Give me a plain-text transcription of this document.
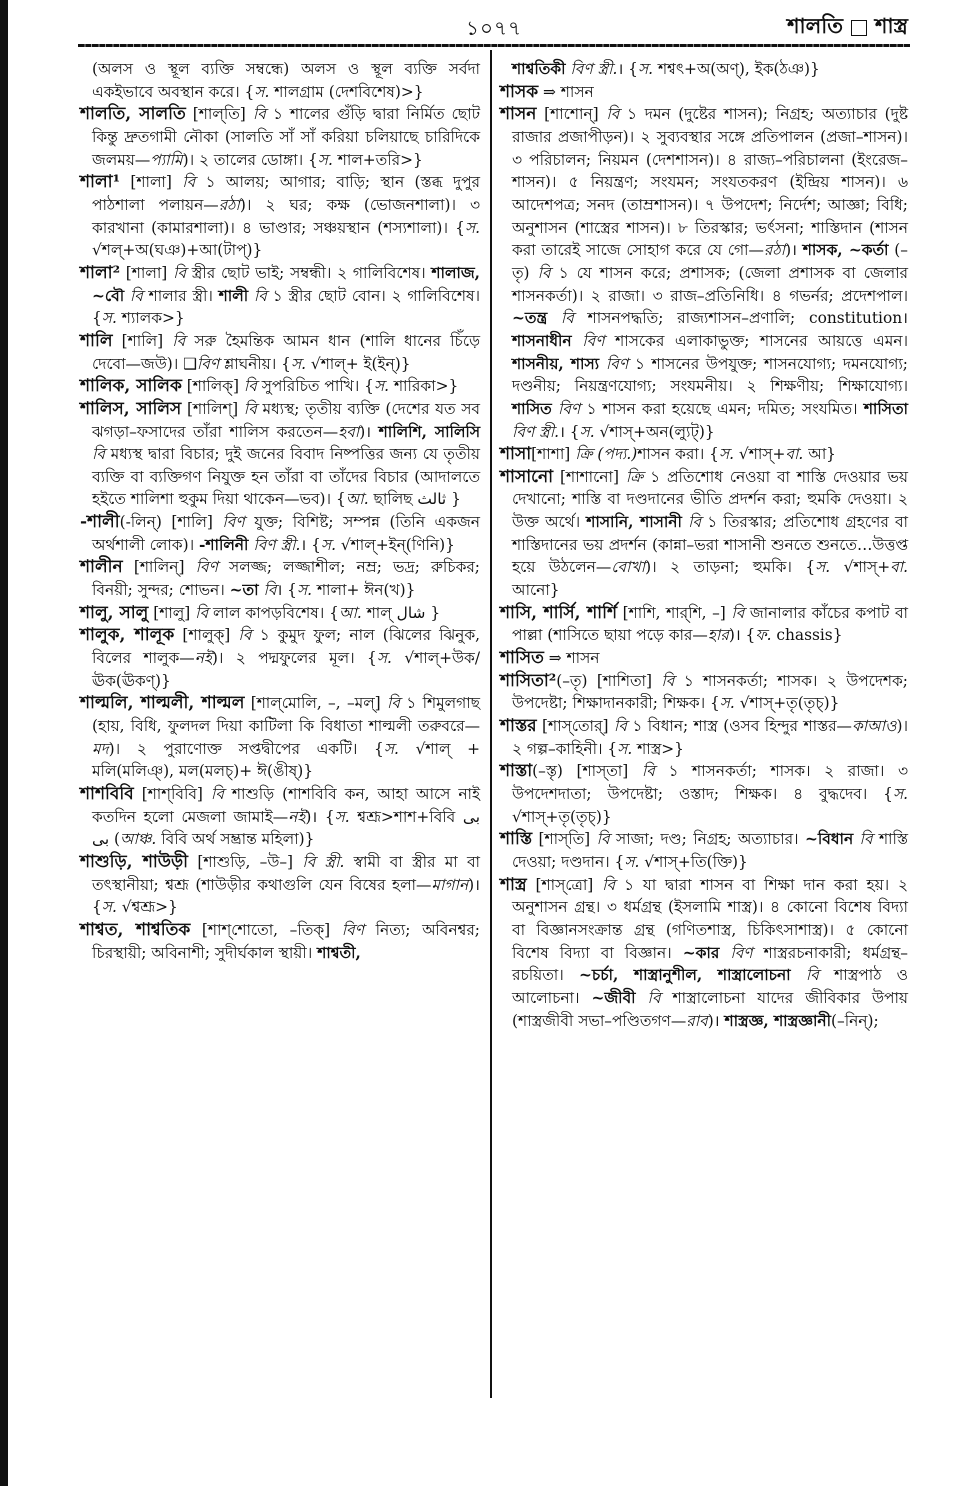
১০৭৭	শালতি শাস্ত্র

(অলস ও স্থূল ব্যক্তি সম্বন্ধে) অলস ও স্থূল ব্যক্তি সর্বদা একইভাবে অবস্থান করে। {স. শালগ্রাম (দেশবিশেষ)>}

শালতি, সালতি [শাল্‌তি] বি ১ শালের গুঁড়ি দ্বারা নির্মিত ছোট কিন্তু দ্রুতগামী নৌকা (সালতি সাঁ সাঁ করিয়া চলিয়াছে চারিদিকে জলময়—প্যামি)। ২ তালের ডোঙ্গা। {স. শাল+তরি>}

শালা¹ [শালা] বি ১ আলয়; আগার; বাড়ি; স্থান (স্তব্ধ দুপুর পাঠশালা পলায়ন—রঠা)। ২ ঘর; কক্ষ (ভোজনশালা)। ৩ কারখানা (কামারশালা)। ৪ ভাণ্ডার; সঞ্চয়স্থান (শস্যশালা)। {স. √শল্‌+অ(ঘঞ)+আ(টাপ্‌)}

শালা² [শালা] বি স্ত্রীর ছোট ভাই; সম্বন্ধী। ২ গালিবিশেষ। শালাজ, ~বৌ বি শালার স্ত্রী। শালী বি ১ স্ত্রীর ছোট বোন। ২ গালিবিশেষ। {স. শ্যালক>}

শালি [শালি] বি সরু হৈমন্তিক আমন ধান (শালি ধানের চিঁড়ে দেবো—জউ)। ❑বিণ শ্লাঘনীয়। {স. √শাল্‌+ ই(ইন্‌)}

শালিক, সালিক [শালিক্‌] বি সুপরিচিত পাখি। {স. শারিকা>}

শালিস, সালিস [শালিশ্‌] বি মধ্যস্থ; তৃতীয় ব্যক্তি (দেশের যত সব ঝগড়া–ফসাদের তাঁরা শালিস করতেন—হবা)। শালিশি, সালিসি বি মধ্যস্থ দ্বারা বিচার; দুই জনের বিবাদ নিষ্পত্তির জন্য যে তৃতীয় ব্যক্তি বা ব্যক্তিগণ নিযুক্ত হন তাঁরা বা তাঁদের বিচার (আদালতে হইতে শালিশা হুকুম দিয়া থাকেন—ভব)। {আ. ছালিছ ثالث }

-শালী(-লিন্‌) [শালি] বিণ যুক্ত; বিশিষ্ট; সম্পন্ন (তিনি একজন অর্থশালী লোক)। -শালিনী বিণ স্ত্রী.। {স. √শাল্‌+ইন্‌(ণিনি)}

শালীন [শালিন্‌] বিণ সলজ্জ; লজ্জাশীল; নম্র; ভদ্র; রুচিকর; বিনয়ী; সুন্দর; শোভন। ~তা বি। {স. শালা+ ঈন(খ)}

শালু, সালু [শালু] বি লাল কাপড়বিশেষ। {আ. শাল্‌ شال }

শালুক, শালূক [শালুক্‌] বি ১ কুমুদ ফুল; নাল (ঝিলের ঝিনুক, বিলের শালুক—নই)। ২ পদ্মফুলের মূল। {স. √শাল্‌+উক/ঊক(ঊকণ্‌)}

শাল্মলি, শাল্মলী, শাল্মল [শাল্‌মোলি, –, –মল্‌] বি ১ শিমুলগাছ (হায়, বিধি, ফুলদল দিয়া কাটিলা কি বিধাতা শাল্মলী তরুবরে—মদ)। ২ পুরাণোক্ত সপ্তদ্বীপের একটি। {স. √শাল্‌ + মলি(মলিঞ্‌), মল(মলচ্‌)+ ঈ(ঙীষ্‌)}

শাশবিবি [শাশ্‌বিবি] বি শাশুড়ি (শাশবিবি কন, আহা আসে নাই কতদিন হলো মেজলা জামাই—নই)। {স. শ্বশ্রূ>শাশ+বিবি بی بی (আঞ্চ. বিবি অর্থ সম্ভ্রান্ত মহিলা)}

শাশুড়ি, শাউড়ী [শাশুড়ি, –উ–] বি স্ত্রী. স্বামী বা স্ত্রীর মা বা তৎস্থানীয়া; শ্বশ্রূ (শাউড়ীর কথাগুলি যেন বিষের হলা—মাগান)। {স. √শ্বশ্রূ>}

শাশ্বত, শাশ্বতিক [শাশ্‌শোতো, –তিক্‌] বিণ নিত্য; অবিনশ্বর; চিরস্থায়ী; অবিনাশী; সুদীর্ঘকাল স্থায়ী। শাশ্বতী,

শাশ্বতিকী বিণ স্ত্রী.। {স. শশ্বৎ+অ(অণ্‌), ইক(ঠঞ)}

শাসক ⇒ শাসন

শাসন [শাশোন্‌] বি ১ দমন (দুষ্টের শাসন); নিগ্রহ; অত্যাচার (দুষ্ট রাজার প্রজাপীড়ন)। ২ সুব্যবস্থার সঙ্গে প্রতিপালন (প্রজা–শাসন)। ৩ পরিচালন; নিয়মন (দেশশাসন)। ৪ রাজ্য–পরিচালনা (ইংরেজ–শাসন)। ৫ নিয়ন্ত্রণ; সংযমন; সংযতকরণ (ইন্দ্রিয় শাসন)। ৬ আদেশপত্র; সনদ (তাম্রশাসন)। ৭ উপদেশ; নির্দেশ; আজ্ঞা; বিধি; অনুশাসন (শাস্ত্রের শাসন)। ৮ তিরস্কার; ভর্ৎসনা; শাস্তিদান (শাসন করা তারেই সাজে সোহাগ করে যে গো—রঠা)। শাসক, ~কর্তা (–তৃ) বি ১ যে শাসন করে; প্রশাসক; (জেলা প্রশাসক বা জেলার শাসনকর্তা)। ২ রাজা। ৩ রাজ–প্রতিনিধি। ৪ গভর্নর; প্রদেশপাল। ~তন্ত্র বি শাসনপদ্ধতি; রাজ্যশাসন–প্রণালি; constitution। শাসনাধীন বিণ শাসকের এলাকাভুক্ত; শাসনের আয়ত্তে এমন। শাসনীয়, শাস্য বিণ ১ শাসনের উপযুক্ত; শাসনযোগ্য; দমনযোগ্য; দণ্ডনীয়; নিয়ন্ত্রণযোগ্য; সংযমনীয়। ২ শিক্ষণীয়; শিক্ষাযোগ্য। শাসিত বিণ ১ শাসন করা হয়েছে এমন; দমিত; সংযমিত। শাসিতা বিণ স্ত্রী.। {স. √শাস্‌+অন(ল্যুট্‌)}

শাসা[শাশা] ক্রি (পদ্য.)শাসন করা। {স. √শাস্‌+বা. আ}

শাসানো [শাশানো] ক্রি ১ প্রতিশোধ নেওয়া বা শাস্তি দেওয়ার ভয় দেখানো; শাস্তি বা দণ্ডদানের ভীতি প্রদর্শন করা; হুমকি দেওয়া। ২ উক্ত অর্থে। শাসানি, শাসানী বি ১ তিরস্কার; প্রতিশোধ গ্রহণের বা শাস্তিদানের ভয় প্রদর্শন (কান্না–ভরা শাসানী শুনতে শুনতে…উত্তপ্ত হয়ে উঠলেন—বোখা)। ২ তাড়না; হুমকি। {স. √শাস্‌+বা. আনো}

শাসি, শার্সি, শার্শি [শাশি, শার্‌শি, –] বি জানালার কাঁচের কপাট বা পাল্লা (শাসিতে ছায়া পড়ে কার—হার)। {ফ. chassis}

শাসিত ⇒ শাসন

শাসিতা²(–তৃ) [শাশিতা] বি ১ শাসনকর্তা; শাসক। ২ উপদেশক; উপদেষ্টা; শিক্ষাদানকারী; শিক্ষক। {স. √শাস্‌+তৃ(তৃচ্‌)}

শাস্তর [শাস্‌তোর্‌] বি ১ বিধান; শাস্ত্র (ওসব হিন্দুর শাস্তর—কাআও)। ২ গল্প–কাহিনী। {স. শাস্ত্র>}

শাস্তা(–স্তৃ) [শাস্‌তা] বি ১ শাসনকর্তা; শাসক। ২ রাজা। ৩ উপদেশদাতা; উপদেষ্টা; ওস্তাদ; শিক্ষক। ৪ বুদ্ধদেব। {স. √শাস্‌+তৃ(তৃচ্‌)}

শাস্তি [শাস্‌তি] বি সাজা; দণ্ড; নিগ্রহ; অত্যাচার। ~বিধান বি শাস্তি দেওয়া; দণ্ডদান। {স. √শাস্‌+তি(ক্তি)}

শাস্ত্র [শাস্‌ত্রো] বি ১ যা দ্বারা শাসন বা শিক্ষা দান করা হয়। ২ অনুশাসন গ্রন্থ। ৩ ধর্মগ্রন্থ (ইসলামি শাস্ত্র)। ৪ কোনো বিশেষ বিদ্যা বা বিজ্ঞানসংক্রান্ত গ্রন্থ (গণিতশাস্ত্র, চিকিৎসাশাস্ত্র)। ৫ কোনো বিশেষ বিদ্যা বা বিজ্ঞান। ~কার বিণ শাস্ত্ররচনাকারী; ধর্মগ্রন্থ–রচয়িতা। ~চর্চা, শাস্ত্রানুশীল, শাস্ত্রালোচনা বি শাস্ত্রপাঠ ও আলোচনা। ~জীবী বি শাস্ত্রালোচনা যাদের জীবিকার উপায় (শাস্ত্রজীবী সভা–পণ্ডিতগণ—রাব)। শাস্ত্রজ্ঞ, শাস্ত্রজ্ঞানী(–নিন্‌);
